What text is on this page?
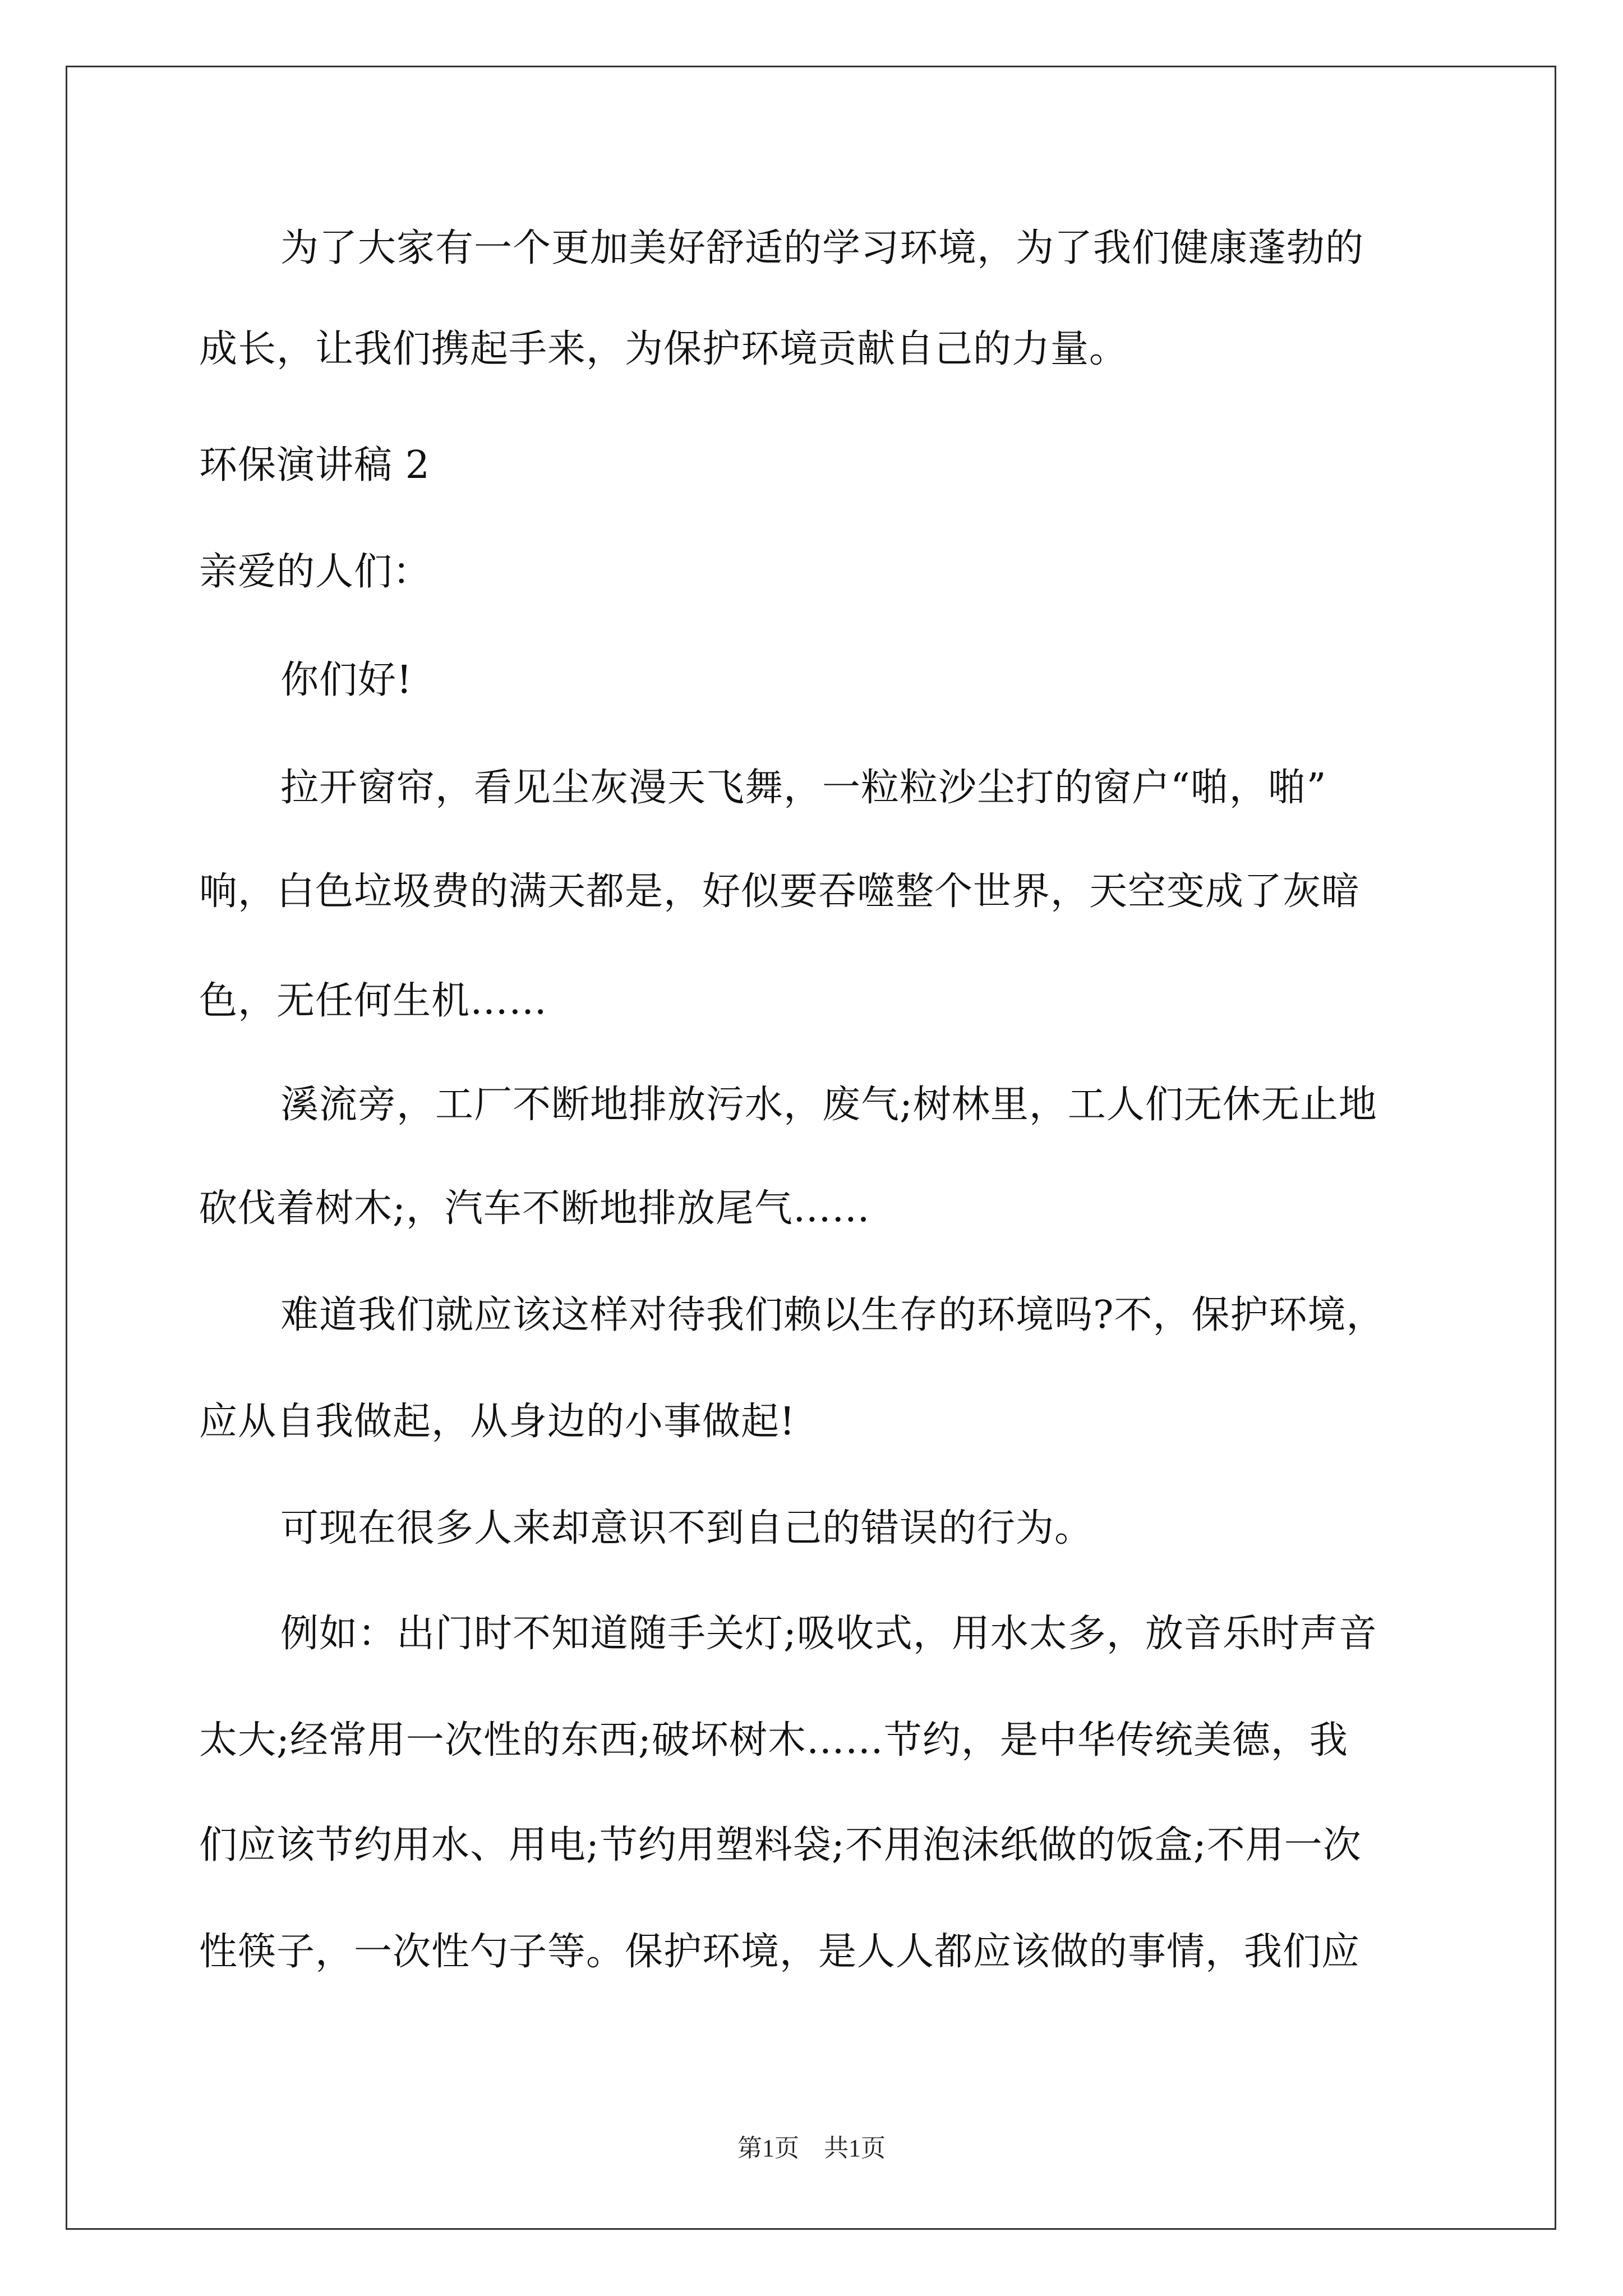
为了大家有一个更加美好舒适的学习环境，为了我们健康蓬勃的
成长，让我们携起手来，为保护环境贡献自己的力量。
环保演讲稿 2
亲爱的人们：
你们好!
拉开窗帘，看见尘灰漫天飞舞，一粒粒沙尘打的窗户“啪，啪”
响，白色垃圾费的满天都是，好似要吞噬整个世界，天空变成了灰暗
色，无任何生机……
溪流旁，工厂不断地排放污水，废气;树林里，工人们无休无止地
砍伐着树木;，汽车不断地排放尾气……
难道我们就应该这样对待我们赖以生存的环境吗?不，保护环境，
应从自我做起，从身边的小事做起!
可现在很多人来却意识不到自己的错误的行为。
例如：出门时不知道随手关灯;吸收式，用水太多，放音乐时声音
太大;经常用一次性的东西;破坏树木……节约，是中华传统美德，我
们应该节约用水、用电;节约用塑料袋;不用泡沫纸做的饭盒;不用一次
性筷子，一次性勺子等。保护环境，是人人都应该做的事情，我们应
第1页　共1页
